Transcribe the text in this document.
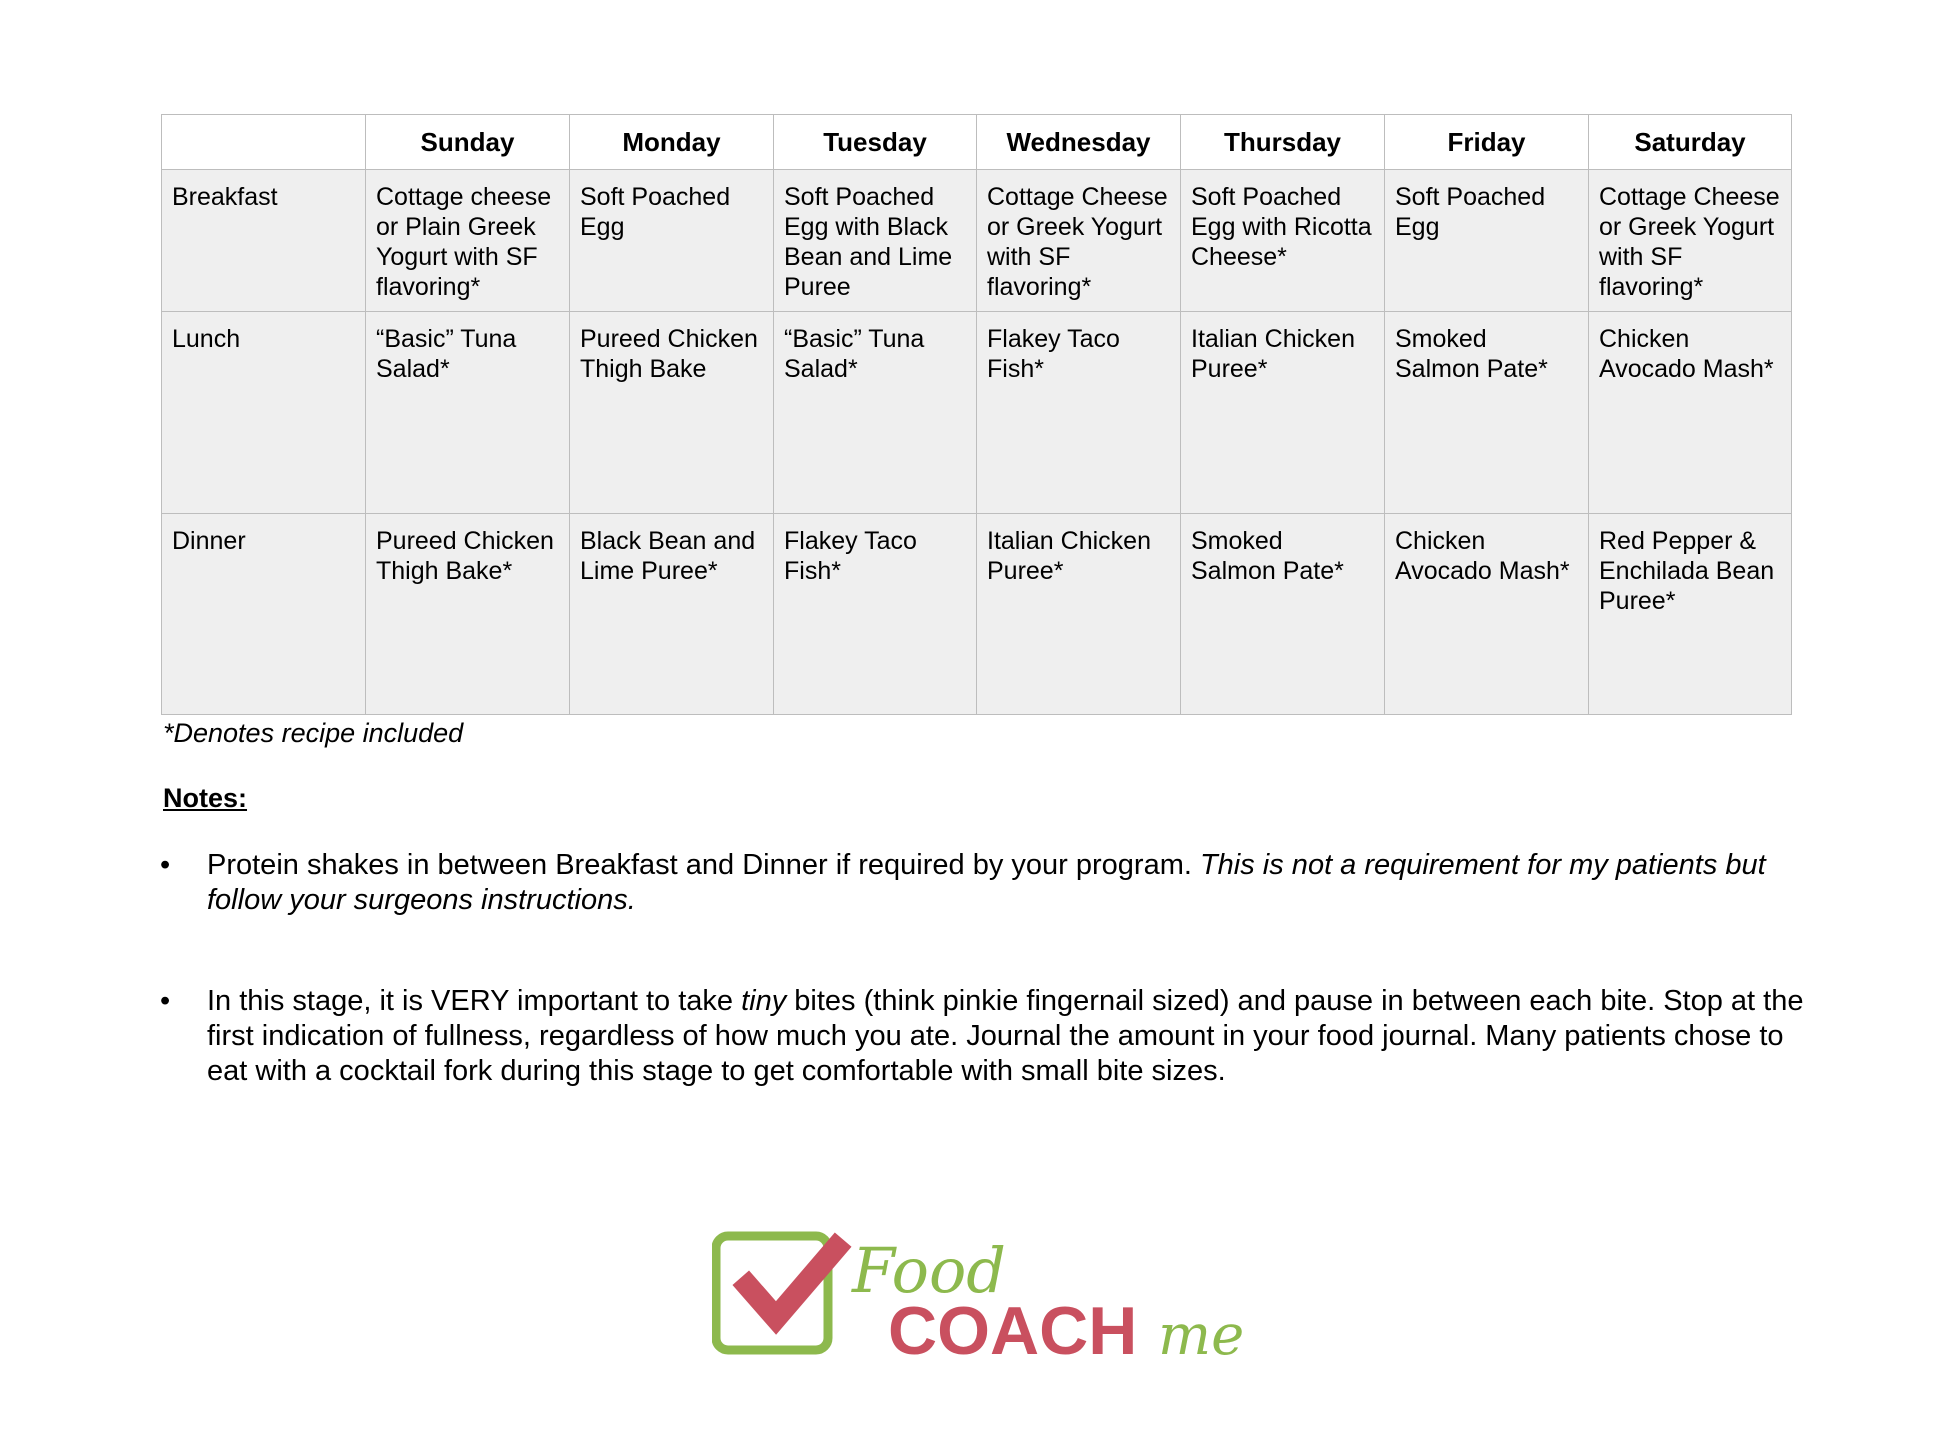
	Sunday	Monday	Tuesday	Wednesday	Thursday	Friday	Saturday
Breakfast	Cottage cheese or Plain Greek Yogurt with SF flavoring*	Soft Poached Egg	Soft Poached Egg with Black Bean and Lime Puree	Cottage Cheese or Greek Yogurt with SF flavoring*	Soft Poached Egg with Ricotta Cheese*	Soft Poached Egg	Cottage Cheese or Greek Yogurt with SF flavoring*
Lunch	“Basic” Tuna Salad*	Pureed Chicken Thigh Bake	“Basic” Tuna Salad*	Flakey Taco Fish*	Italian Chicken Puree*	Smoked Salmon Pate*	Chicken Avocado Mash*
Dinner	Pureed Chicken Thigh Bake*	Black Bean and Lime Puree*	Flakey Taco Fish*	Italian Chicken Puree*	Smoked Salmon Pate*	Chicken Avocado Mash*	Red Pepper & Enchilada Bean Puree*

*Denotes recipe included

Notes:

• Protein shakes in between Breakfast and Dinner if required by your program. This is not a requirement for my patients but follow your surgeons instructions.

• In this stage, it is VERY important to take tiny bites (think pinkie fingernail sized) and pause in between each bite. Stop at the first indication of fullness, regardless of how much you ate. Journal the amount in your food journal. Many patients chose to eat with a cocktail fork during this stage to get comfortable with small bite sizes.

Food
COACH me
